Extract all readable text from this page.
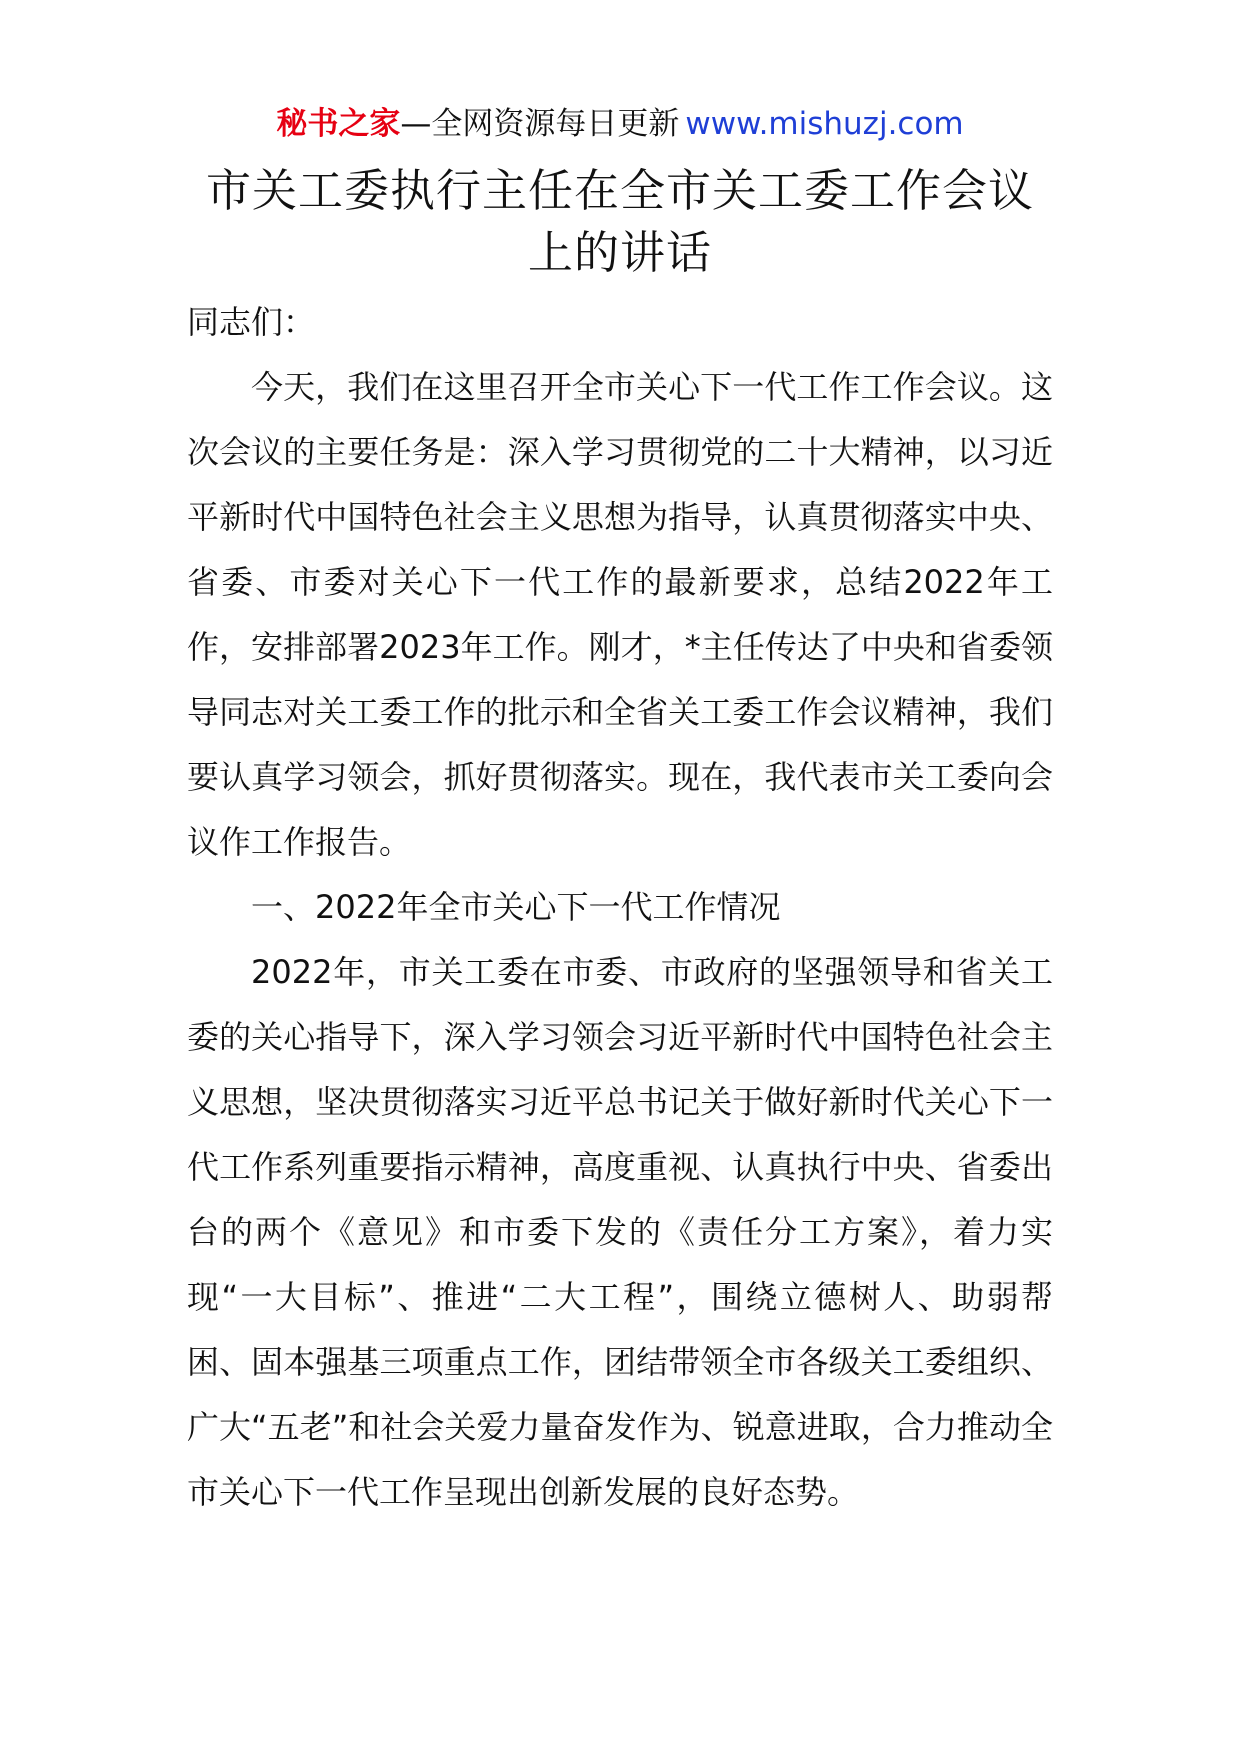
秘书之家—全网资源每日更新 www.mishuzj.com
市关工委执行主任在全市关工委工作会议
上的讲话

同志们：

今天，我们在这里召开全市关心下一代工作工作会议。这次会议的主要任务是：深入学习贯彻党的二十大精神，以习近平新时代中国特色社会主义思想为指导，认真贯彻落实中央、省委、市委对关心下一代工作的最新要求，总结2022年工作，安排部署2023年工作。刚才，*主任传达了中央和省委领导同志对关工委工作的批示和全省关工委工作会议精神，我们要认真学习领会，抓好贯彻落实。现在，我代表市关工委向会议作工作报告。

一、2022年全市关心下一代工作情况

2022年，市关工委在市委、市政府的坚强领导和省关工委的关心指导下，深入学习领会习近平新时代中国特色社会主义思想，坚决贯彻落实习近平总书记关于做好新时代关心下一代工作系列重要指示精神，高度重视、认真执行中央、省委出台的两个《意见》和市委下发的《责任分工方案》，着力实现“一大目标”、推进“二大工程”，围绕立德树人、助弱帮困、固本强基三项重点工作，团结带领全市各级关工委组织、广大“五老”和社会关爱力量奋发作为、锐意进取，合力推动全市关心下一代工作呈现出创新发展的良好态势。
